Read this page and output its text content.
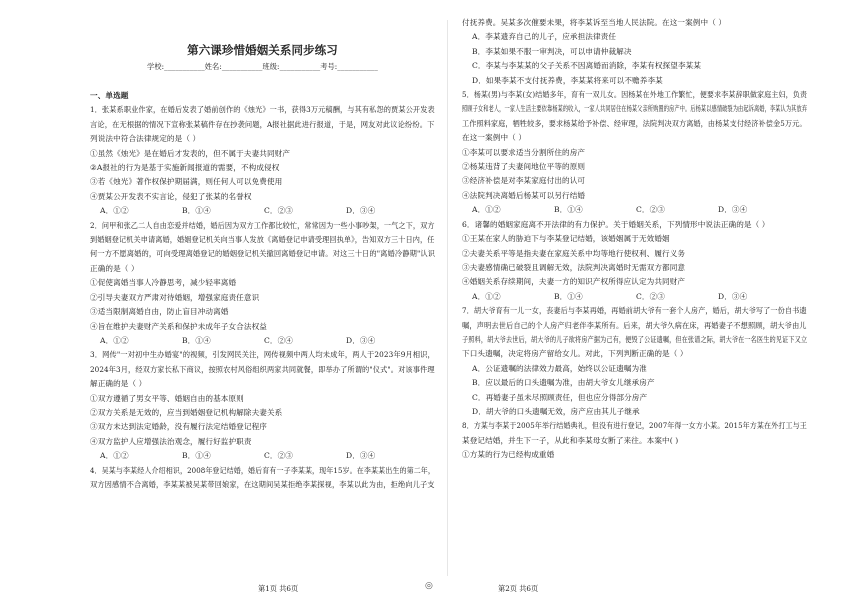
第六课珍惜婚姻关系同步练习
学校:___________姓名:___________班级:___________考号:___________
一、单选题
1．张某系职业作家，在婚后发表了婚前创作的《烛光》一书，获得3万元稿酬，与其有私怨的贾某公开发表
言论，在无根据的情况下宣称张某稿件存在抄袭问题，A报社据此进行报道，于是，网友对此议论纷纷。下
列说法中符合法律规定的是（ ）
①虽然《烛光》是在婚后才发表的，但不属于夫妻共同财产
②A报社的行为是基于实施新闻报道的需要，不构成侵权
③若《烛光》著作权保护期届满，则任何人可以免费使用
④贾某公开发表不实言论，侵犯了张某的名誉权
A．①②	B．①④	C．②③	D．③④
2．问甲和张乙二人自由恋爱并结婚，婚后因为双方工作都比较忙，常常因为一些小事吵架，一气之下，双方
到婚姻登记机关申请离婚，婚姻登记机关向当事人发放《离婚登记申请受理回执单》，告知双方三十日内，任
何一方不愿离婚的，可向受理离婚登记的婚姻登记机关撤回离婚登记申请。对这三十日的"离婚冷静期"认识
正确的是（ ）
①促使离婚当事人冷静思考，减少轻率离婚
②引导夫妻双方严肃对待婚姻，增强家庭责任意识
③适当限制离婚自由，防止盲目冲动离婚
④旨在维护夫妻财产关系和保护未成年子女合法权益
A．①②	B．①④	C．②④	D．③④
3．网传"一对初中生办婚宴"的视频，引发网民关注，网传视频中两人均未成年，两人于2023年9月相识，
2024年3月，经双方家长私下商议，按照农村风俗组织两家共同就餐，即举办了所谓的"仪式"。对该事件理
解正确的是（ ）
①双方遵循了男女平等、婚姻自由的基本原则
②双方关系是无效的，应当到婚姻登记机构解除夫妻关系
③双方未达到法定婚龄，没有履行法定结婚登记程序
④双方监护人应增强法治观念，履行好监护职责
A．①②	B．①④	C．②③	D．③④
4．吴某与李某经人介绍相识，2008年登记结婚，婚后育有一子李某某，现年15岁。在李某某出生的第二年，
双方因感情不合离婚，李某某被吴某带回娘家，在这期间吴某拒绝李某探视，李某以此为由，拒绝向儿子支
付抚养费。吴某多次催要未果，将李某诉至当地人民法院。在这一案例中（ ）
A．李某遗弃自己的儿子，应承担法律责任
B．李某如果不服一审判决，可以申请仲裁解决
C．李某与李某某的父子关系不因离婚而消除，李某有权探望李某某
D．如果李某不支付抚养费，李某某将来可以不赡养李某
5．杨某(男)与李某(女)结婚多年，育有一双儿女。因杨某在外地工作繁忙，便要求李某辞职做家庭主妇，负责
照顾子女和老人，一家人生活主要依靠杨某的收入，一家人共同居住在杨某父亲所购置的房产中。后杨某以感情破裂为由起诉离婚，李某认为其放弃
工作照料家庭，牺牲较多，要求杨某给予补偿、经审理，法院判决双方离婚，由杨某支付经济补偿金5万元。
在这一案例中（ ）
①李某可以要求适当分割所住的房产
②杨某违背了夫妻间地位平等的原则
③经济补偿是对李某家庭付出的认可
④法院判决离婚后杨某可以另行结婚
A．①②	B．①④	C．②③	D．③④
6．诸馨的婚姻家庭离不开法律的有力保护。关于婚姻关系，下列情形中说法正确的是（ ）
①王某在家人的胁迫下与李某登记结婚，该婚姻属于无效婚姻
②夫妻关系平等是指夫妻在家庭关系中均等地行使权利、履行义务
③夫妻感情确已破裂且调解无效，法院判决离婚时无需双方都同意
④婚姻关系存续期间，夫妻一方的知识产权所得应认定为共同财产
A．①②	B．①④	C．②③	D．③④
7．胡大爷育有一儿一女，丧妻后与李某再婚，再婚前胡大爷有一套个人房产，婚后，胡大爷写了一份自书遗
嘱，声明去世后自己的个人房产归老伴李某所有。后来，胡大爷久病在床，再婚妻子不想照顾，胡大爷由儿
子照料，胡大爷去世后，胡大爷的儿子欲将房产据为己有，便毁了公证遗嘱，但在张谱之际，胡大爷在一名医生的见证下又立
下口头遗嘱，决定将房产留给女儿。对此，下列判断正确的是（ ）
A．公证遗嘱的法律效力最高，始终以公证遗嘱为准
B．应以最后的口头遗嘱为准，由胡大爷女儿继承房产
C．再婚妻子虽未尽照顾责任，但也应分得部分房产
D．胡大爷的口头遗嘱无效，房产应由其儿子继承
8．方某与李某于2005年举行结婚典礼，但没有进行登记，2007年得一女方小某。2015年方某在外打工与王
某登记结婚，并生下一子，从此和李某母女断了来往。本案中( )
①方某的行为已经构成重婚
第1页 共6页	◎	第2页 共6页
